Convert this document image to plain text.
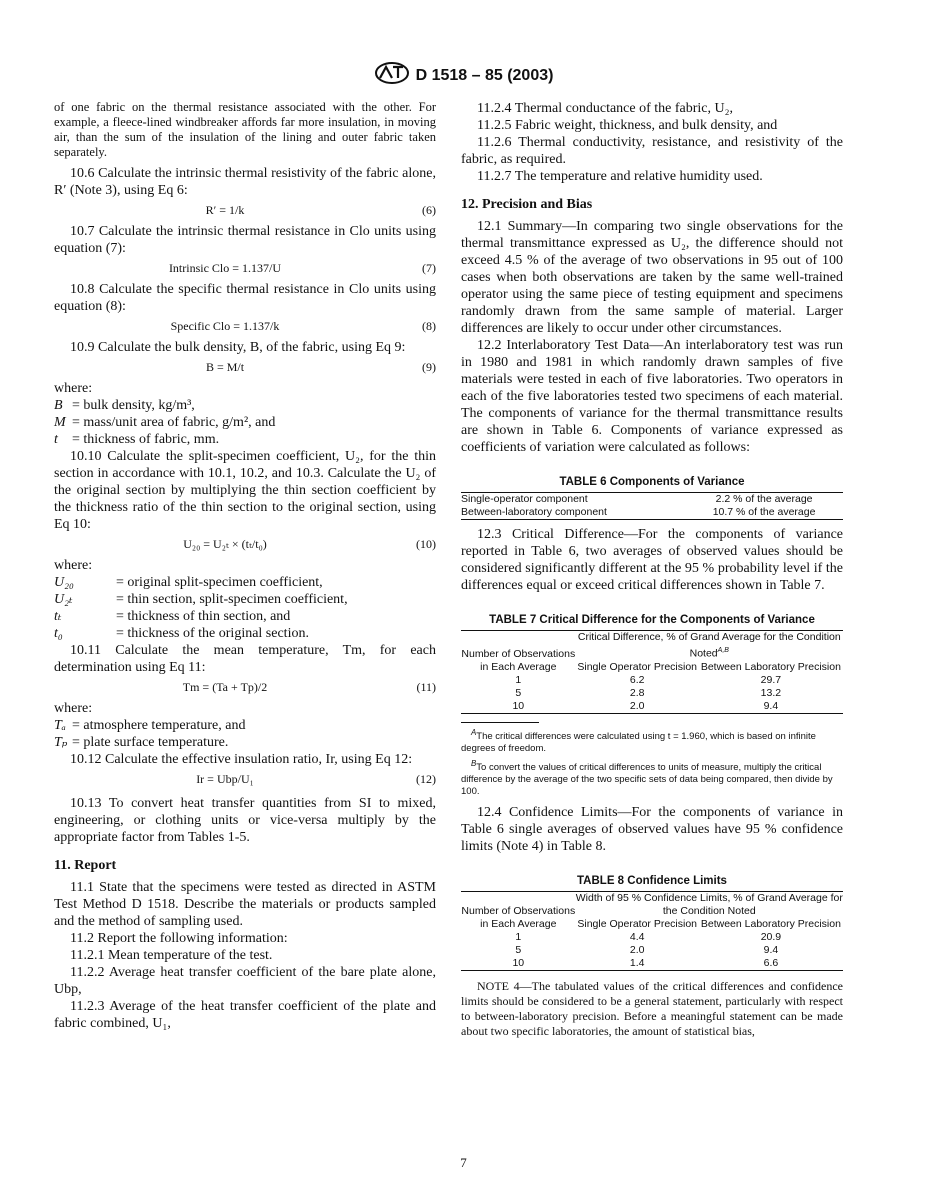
D 1518 – 85 (2003)

of one fabric on the thermal resistance associated with the other. For example, a fleece-lined windbreaker affords far more insulation, in moving air, than the sum of the insulation of the lining and outer fabric taken separately.

10.6 Calculate the intrinsic thermal resistivity of the fabric alone, R′ (Note 3), using Eq 6:

R′ = 1/k	(6)

10.7 Calculate the intrinsic thermal resistance in Clo units using equation (7):

Intrinsic Clo = 1.137/U	(7)

10.8 Calculate the specific thermal resistance in Clo units using equation (8):

Specific Clo = 1.137/k	(8)

10.9 Calculate the bulk density, B, of the fabric, using Eq 9:

B = M/t	(9)
where:
B = bulk density, kg/m³,
M = mass/unit area of fabric, g/m², and
t	= thickness of fabric, mm.

10.10 Calculate the split-specimen coefficient, U₂, for the thin section in accordance with 10.1, 10.2, and 10.3. Calculate the U₂ of the original section by multiplying the thin section coefficient by the thickness ratio of the thin section to the original section, using Eq 10:

U₂₀ = U₂ₜ × (tₜ/t₀)	(10)
where:
U₂₀	= original split-specimen coefficient,
U₂ₜ	= thin section, split-specimen coefficient,
tₜ	= thickness of thin section, and
t₀	= thickness of the original section.

10.11 Calculate the mean temperature, Tm, for each determination using Eq 11:

Tm = (Ta + Tp)/2	(11)
where:
Tₐ = atmosphere temperature, and
Tₚ = plate surface temperature.

10.12 Calculate the effective insulation ratio, Ir, using Eq 12:

Ir = Ubp/U₁	(12)

10.13 To convert heat transfer quantities from SI to mixed, engineering, or clothing units or vice-versa multiply by the appropriate factor from Tables 1-5.

11. Report

11.1 State that the specimens were tested as directed in ASTM Test Method D 1518. Describe the materials or products sampled and the method of sampling used.

11.2 Report the following information:

11.2.1 Mean temperature of the test.

11.2.2 Average heat transfer coefficient of the bare plate alone, Ubp,

11.2.3 Average of the heat transfer coefficient of the plate and fabric combined, U₁,

11.2.4 Thermal conductance of the fabric, U₂,

11.2.5 Fabric weight, thickness, and bulk density, and

11.2.6 Thermal conductivity, resistance, and resistivity of the fabric, as required.

11.2.7 The temperature and relative humidity used.

12. Precision and Bias

12.1 Summary—In comparing two single observations for the thermal transmittance expressed as U₂, the difference should not exceed 4.5 % of the average of two observations in 95 out of 100 cases when both observations are taken by the same well-trained operator using the same piece of testing equipment and specimens randomly drawn from the same sample of material. Larger differences are likely to occur under other circumstances.

12.2 Interlaboratory Test Data—An interlaboratory test was run in 1980 and 1981 in which randomly drawn samples of five materials were tested in each of five laboratories. Two operators in each of the five laboratories tested two specimens of each material. The components of variance for the thermal transmittance results are shown in Table 6. Components of variance expressed as coefficients of variation were calculated as follows:

TABLE 6 Components of Variance
Single-operator component	2.2 % of the average
Between-laboratory component	10.7 % of the average

12.3 Critical Difference—For the components of variance reported in Table 6, two averages of observed values should be considered significantly different at the 95 % probability level if the differences equal or exceed critical differences shown in Table 7.

TABLE 7 Critical Difference for the Components of Variance
Number of Observations in Each Average	Critical Difference, % of Grand Average for the Condition Noted$^{A,B}$
	Single Operator Precision	Between Laboratory Precision
1	6.2	29.7
5	2.8	13.2
10	2.0	9.4

$^A$The critical differences were calculated using t = 1.960, which is based on infinite degrees of freedom.

$^B$To convert the values of critical differences to units of measure, multiply the critical difference by the average of the two specific sets of data being compared, then divide by 100.

12.4 Confidence Limits—For the components of variance in Table 6 single averages of observed values have 95 % confidence limits (Note 4) in Table 8.

TABLE 8 Confidence Limits
Number of Observations in Each Average	Width of 95 % Confidence Limits, % of Grand Average for the Condition Noted	
	Single Operator Precision	Between Laboratory Precision
1	4.4	20.9
5	2.0	9.4
10	1.4	6.6

NOTE 4—The tabulated values of the critical differences and confidence limits should be considered to be a general statement, particularly with respect to between-laboratory precision. Before a meaningful statement can be made about two specific laboratories, the amount of statistical bias,

7
